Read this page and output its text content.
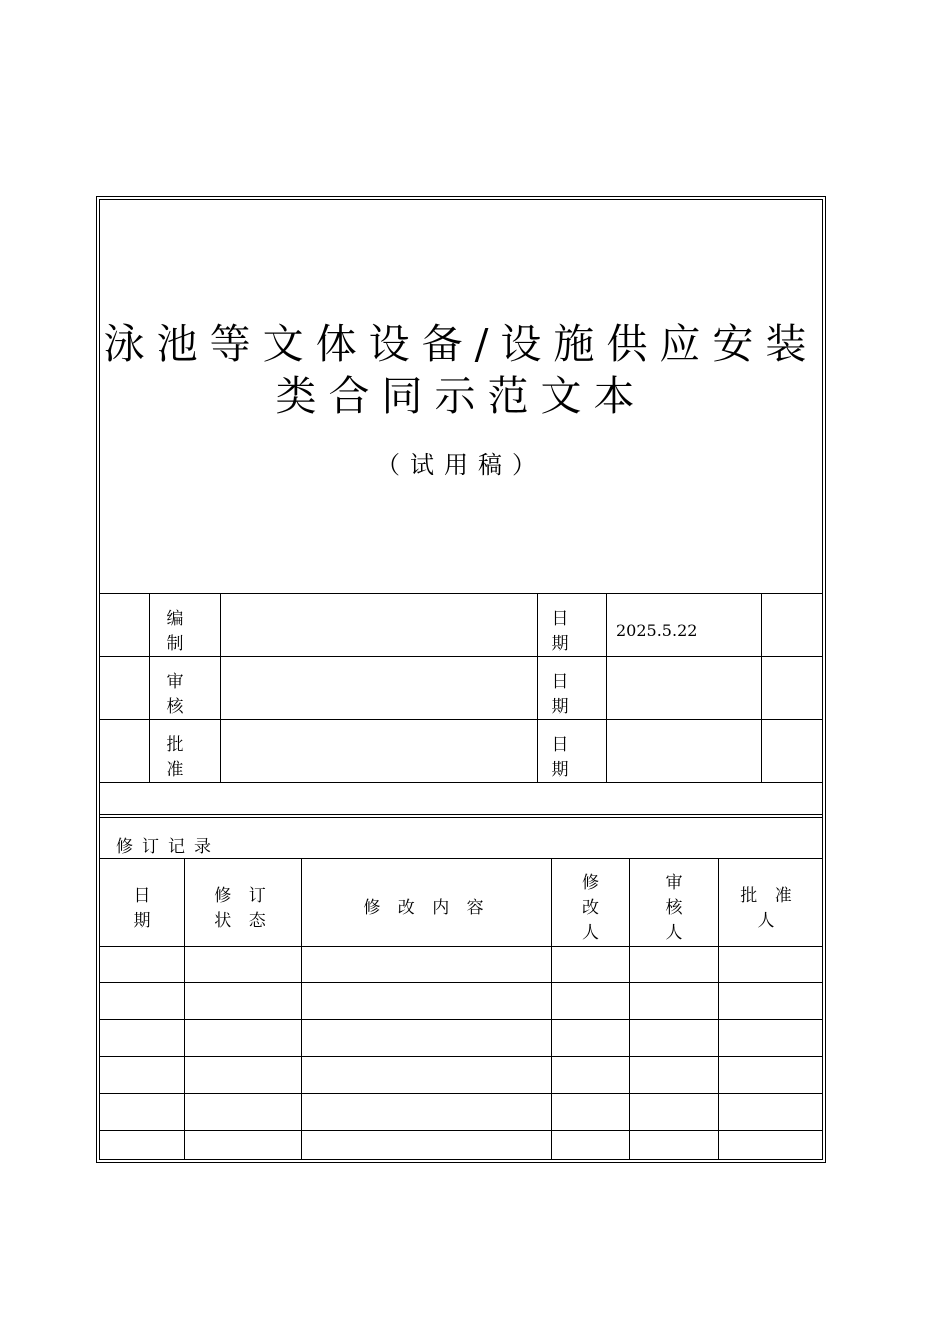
泳池等文体设备/设施供应安装
类合同示范文本
（试用稿）
编
制
日
期
2025.5.22
审
核
日
期
批
准
日
期
修订记录
日
期
修 订
状 态
修 改 内 容
修
改
人
审
核
人
批 准
人
